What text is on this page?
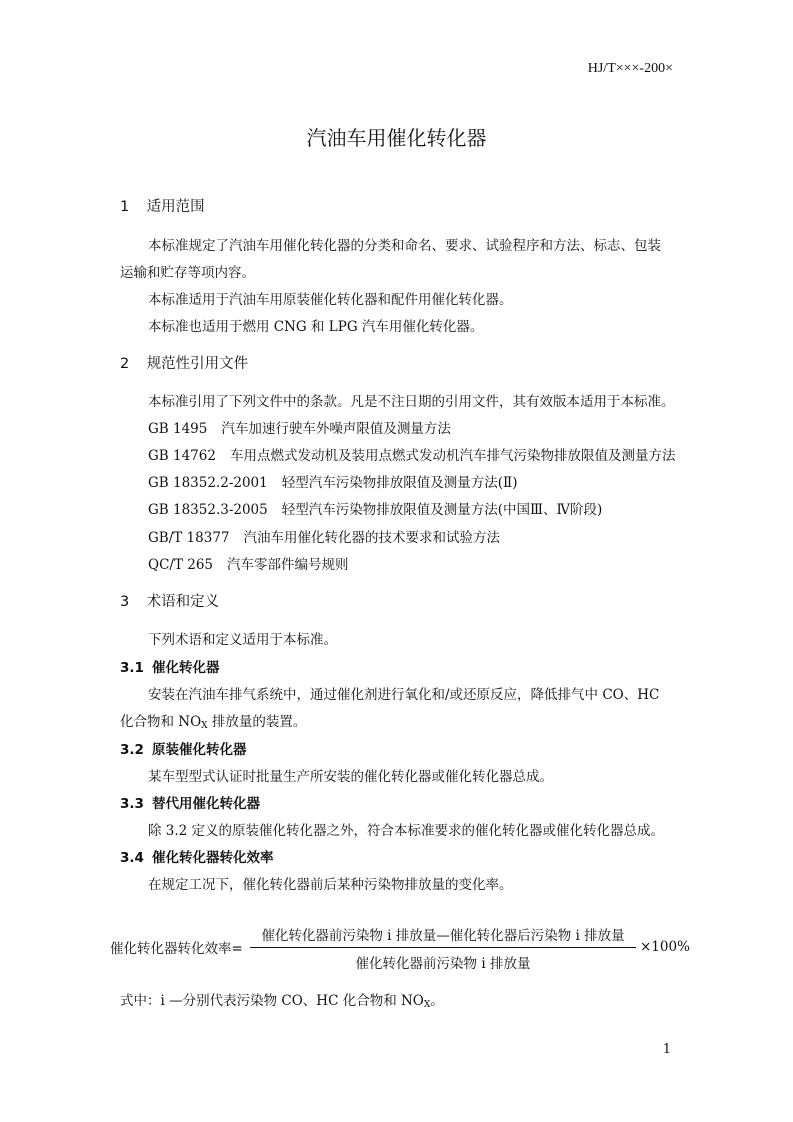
HJ/T×××-200×
汽油车用催化转化器
1 适用范围
本标准规定了汽油车用催化转化器的分类和命名、要求、试验程序和方法、标志、包装
运输和贮存等项内容。
本标准适用于汽油车用原装催化转化器和配件用催化转化器。
本标准也适用于燃用 CNG 和 LPG 汽车用催化转化器。
2 规范性引用文件
本标准引用了下列文件中的条款。凡是不注日期的引用文件，其有效版本适用于本标准。
GB 1495 汽车加速行驶车外噪声限值及测量方法
GB 14762 车用点燃式发动机及装用点燃式发动机汽车排气污染物排放限值及测量方法
GB 18352.2-2001 轻型汽车污染物排放限值及测量方法(Ⅱ)
GB 18352.3-2005 轻型汽车污染物排放限值及测量方法(中国Ⅲ、Ⅳ阶段)
GB/T 18377 汽油车用催化转化器的技术要求和试验方法
QC/T 265 汽车零部件编号规则
3 术语和定义
下列术语和定义适用于本标准。
3.1 催化转化器
安装在汽油车排气系统中，通过催化剂进行氧化和/或还原反应，降低排气中 CO、HC
化合物和 $NO_X$ 排放量的装置。
3.2 原装催化转化器
某车型型式认证时批量生产所安装的催化转化器或催化转化器总成。
3.3 替代用催化转化器
除 3.2 定义的原装催化转化器之外，符合本标准要求的催化转化器或催化转化器总成。
3.4 催化转化器转化效率
在规定工况下，催化转化器前后某种污染物排放量的变化率。
催化转化器转化效率=
催化转化器前污染物 i 排放量—催化转化器后污染物 i 排放量
催化转化器前污染物 i 排放量
×100%
式中：i —分别代表污染物 CO、HC 化合物和 $NO_X$。
1
